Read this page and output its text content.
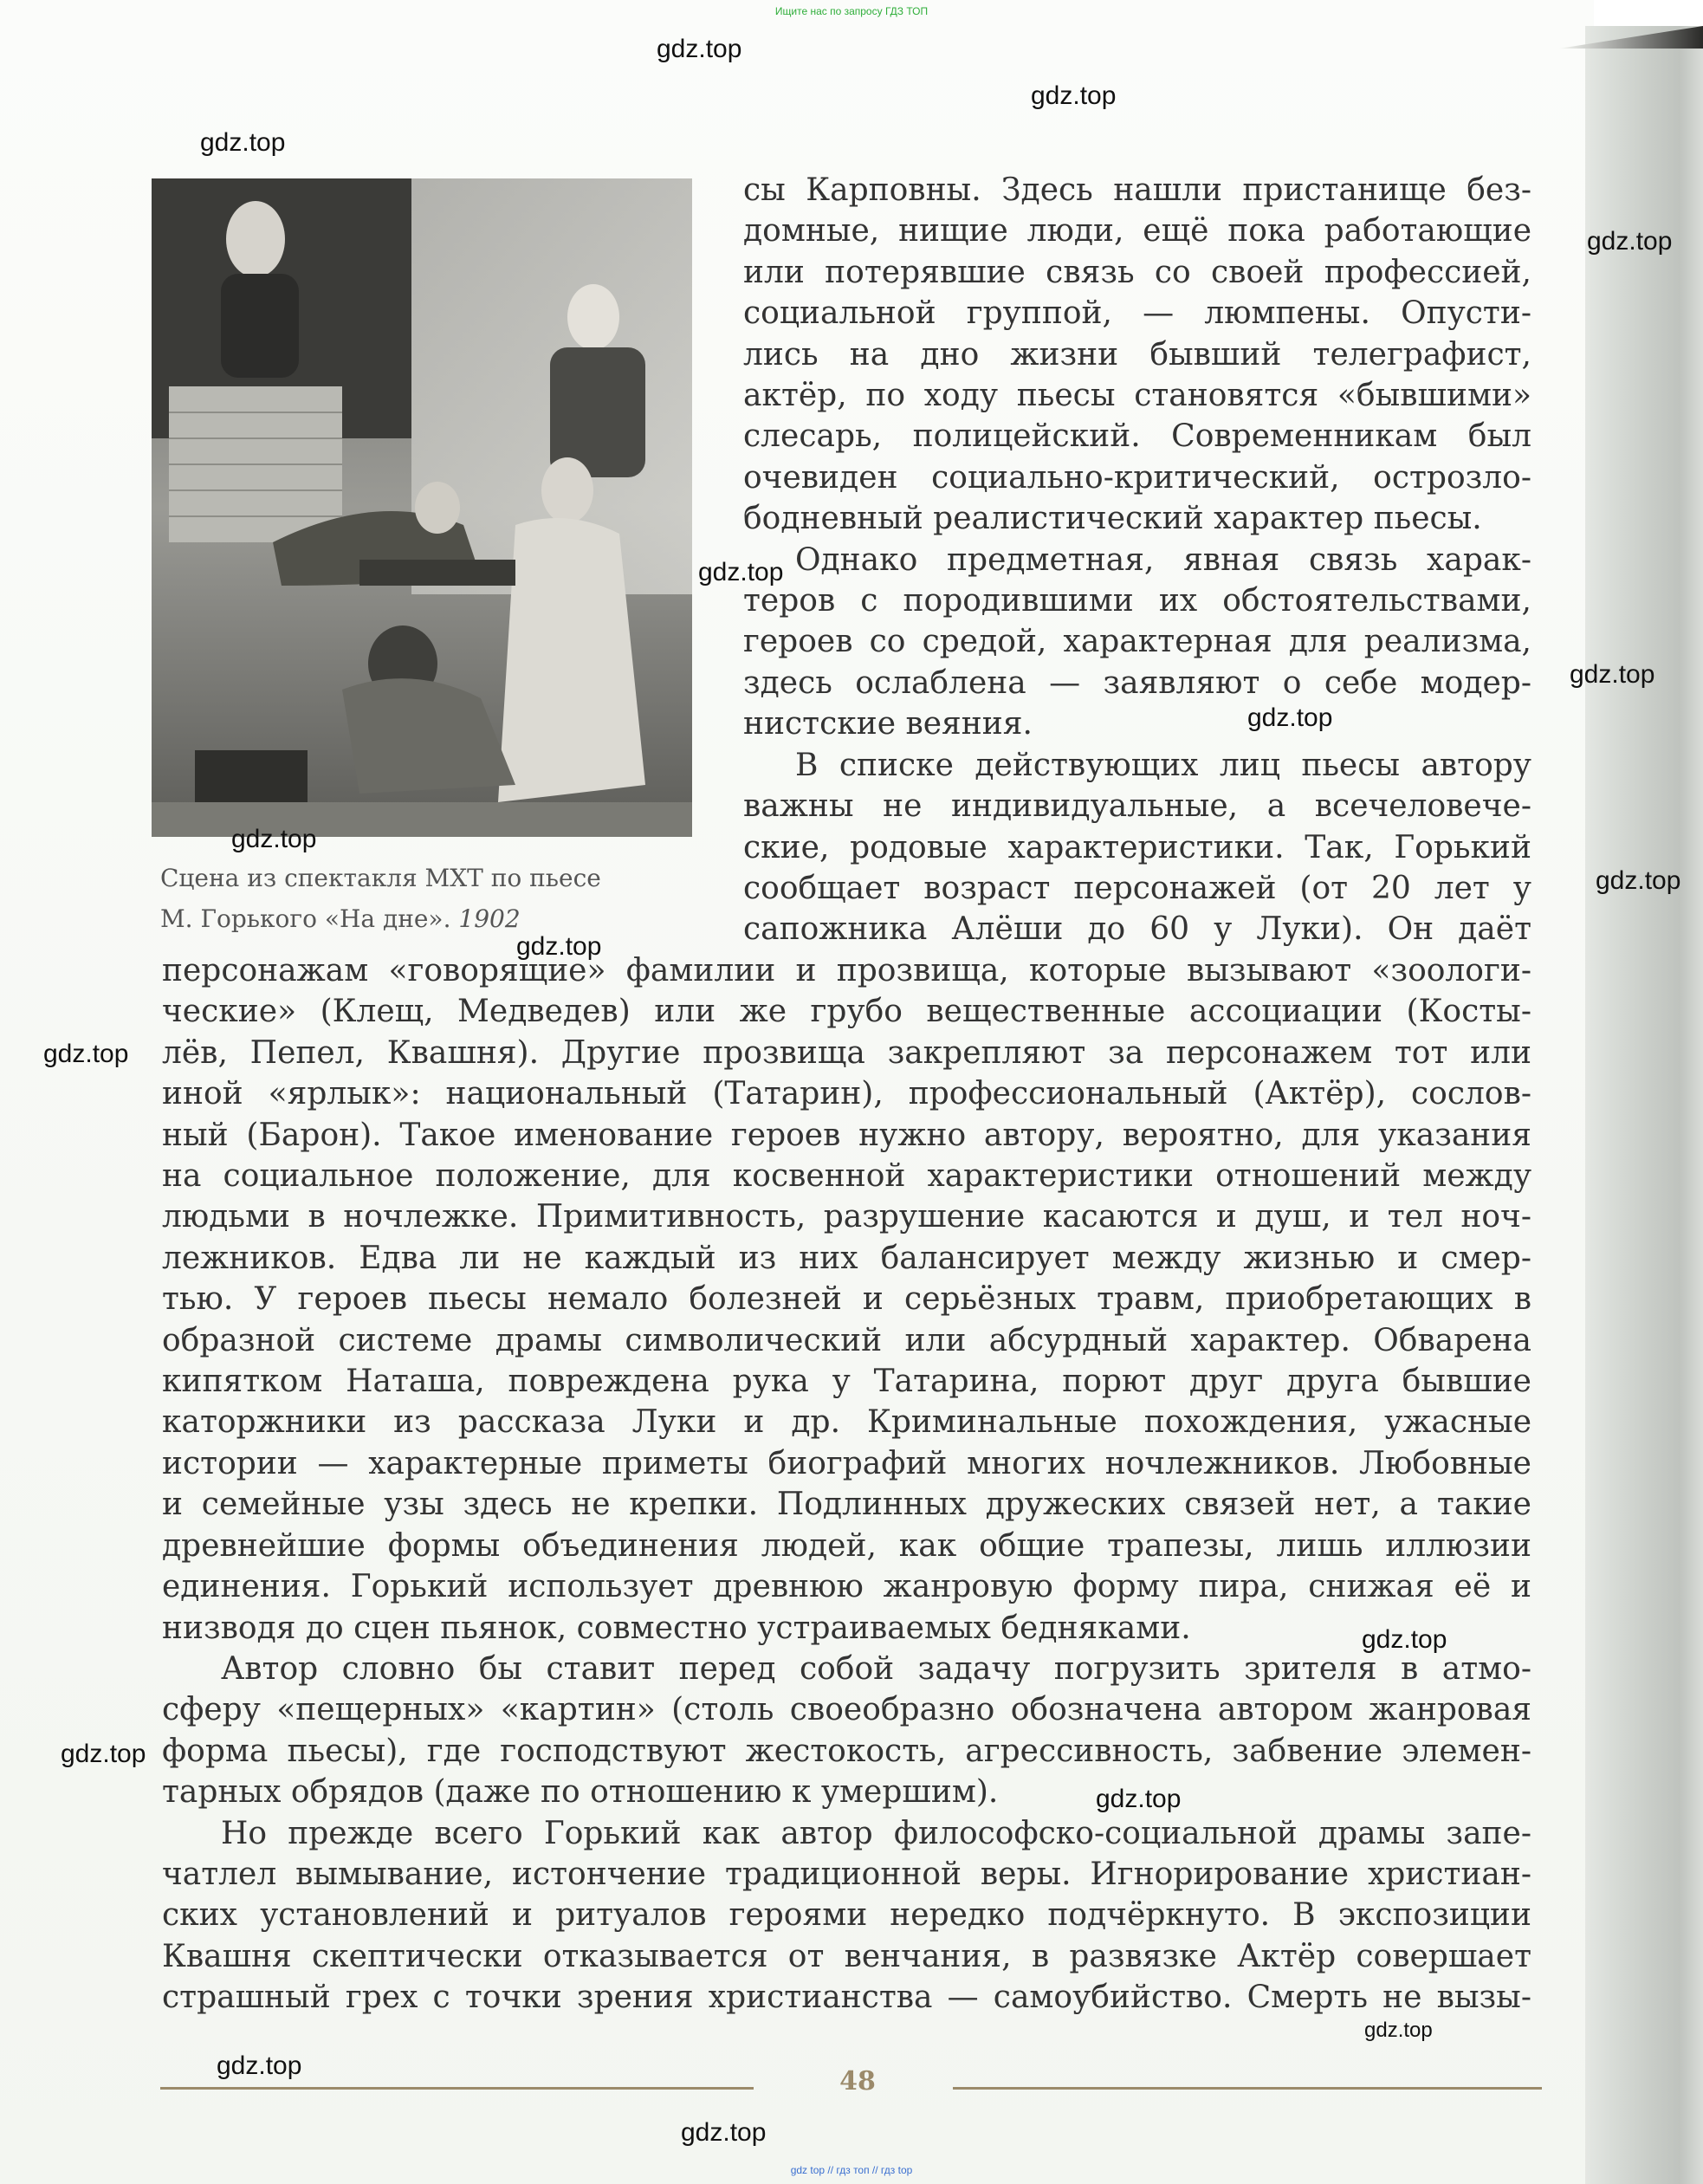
Ищите нас по запросу ГДЗ ТОП
Сцена из спектакля МХТ по пьесе
М. Горького «На дне». 1902
сы Карповны. Здесь нашли пристанище без-
домные, нищие люди, ещё пока работающие
или потерявшие связь со своей профессией,
социальной группой, — люмпены. Опусти-
лись на дно жизни бывший телеграфист,
актёр, по ходу пьесы становятся «бывшими»
слесарь, полицейский. Современникам был
очевиден социально-критический, острозло-
бодневный реалистический характер пьесы.
Однако предметная, явная связь харак-
теров с породившими их обстоятельствами,
героев со средой, характерная для реализма,
здесь ослаблена — заявляют о себе модер-
нистские веяния.
В списке действующих лиц пьесы автору
важны не индивидуальные, а всечеловече-
ские, родовые характеристики. Так, Горький
сообщает возраст персонажей (от 20 лет у
сапожника Алёши до 60 у Луки). Он даёт
персонажам «говорящие» фамилии и прозвища, которые вызывают «зоологи-
ческие» (Клещ, Медведев) или же грубо вещественные ассоциации (Косты-
лёв, Пепел, Квашня). Другие прозвища закрепляют за персонажем тот или
иной «ярлык»: национальный (Татарин), профессиональный (Актёр), сослов-
ный (Барон). Такое именование героев нужно автору, вероятно, для указания
на социальное положение, для косвенной характеристики отношений между
людьми в ночлежке. Примитивность, разрушение касаются и душ, и тел ноч-
лежников. Едва ли не каждый из них балансирует между жизнью и смер-
тью. У героев пьесы немало болезней и серьёзных травм, приобретающих в
образной системе драмы символический или абсурдный характер. Обварена
кипятком Наташа, повреждена рука у Татарина, порют друг друга бывшие
каторжники из рассказа Луки и др. Криминальные похождения, ужасные
истории — характерные приметы биографий многих ночлежников. Любовные
и семейные узы здесь не крепки. Подлинных дружеских связей нет, а такие
древнейшие формы объединения людей, как общие трапезы, лишь иллюзии
единения. Горький использует древнюю жанровую форму пира, снижая её и
низводя до сцен пьянок, совместно устраиваемых бедняками.
Автор словно бы ставит перед собой задачу погрузить зрителя в атмо-
сферу «пещерных» «картин» (столь своеобразно обозначена автором жанровая
форма пьесы), где господствуют жестокость, агрессивность, забвение элемен-
тарных обрядов (даже по отношению к умершим).
Но прежде всего Горький как автор философско-социальной драмы запе-
чатлел вымывание, истончение традиционной веры. Игнорирование христиан-
ских установлений и ритуалов героями нередко подчёркнуто. В экспозиции
Квашня скептически отказывается от венчания, в развязке Актёр совершает
страшный грех с точки зрения христианства — самоубийство. Смерть не вызы-
48
gdz top // гдз топ // гдз top
gdz.top
gdz.top
gdz.top
gdz.top
gdz.top
gdz.top
gdz.top
gdz.top
gdz.top
gdz.top
gdz.top
gdz.top
gdz.top
gdz.top
gdz.top
gdz.top
gdz.top
